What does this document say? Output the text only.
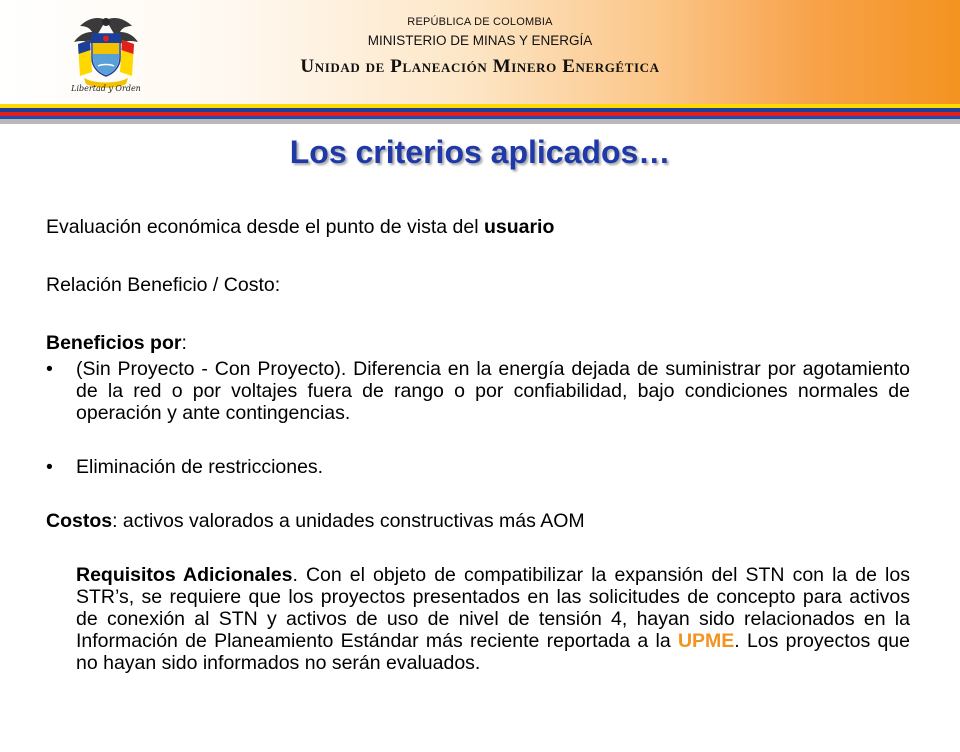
Libertad y Orden
REPÚBLICA DE COLOMBIA
MINISTERIO DE MINAS Y ENERGÍA
Unidad de Planeación Minero Energética
Los criterios aplicados…

Evaluación económica desde el punto de vista del usuario

Relación Beneficio / Costo:

Beneficios por:

•	(Sin Proyecto - Con Proyecto). Diferencia en la energía dejada de suministrar por agotamiento de la red o por voltajes fuera de rango o por confiabilidad, bajo condiciones normales de operación y ante contingencias.
•	Eliminación de restricciones.

Costos: activos valorados a unidades constructivas más AOM

Requisitos Adicionales. Con el objeto de compatibilizar la expansión del STN con la de los STR’s, se requiere que los proyectos presentados en las solicitudes de concepto para activos de conexión al STN y activos de uso de nivel de tensión 4, hayan sido relacionados en la Información de Planeamiento Estándar más reciente reportada a la UPME. Los proyectos que no hayan sido informados no serán evaluados.
